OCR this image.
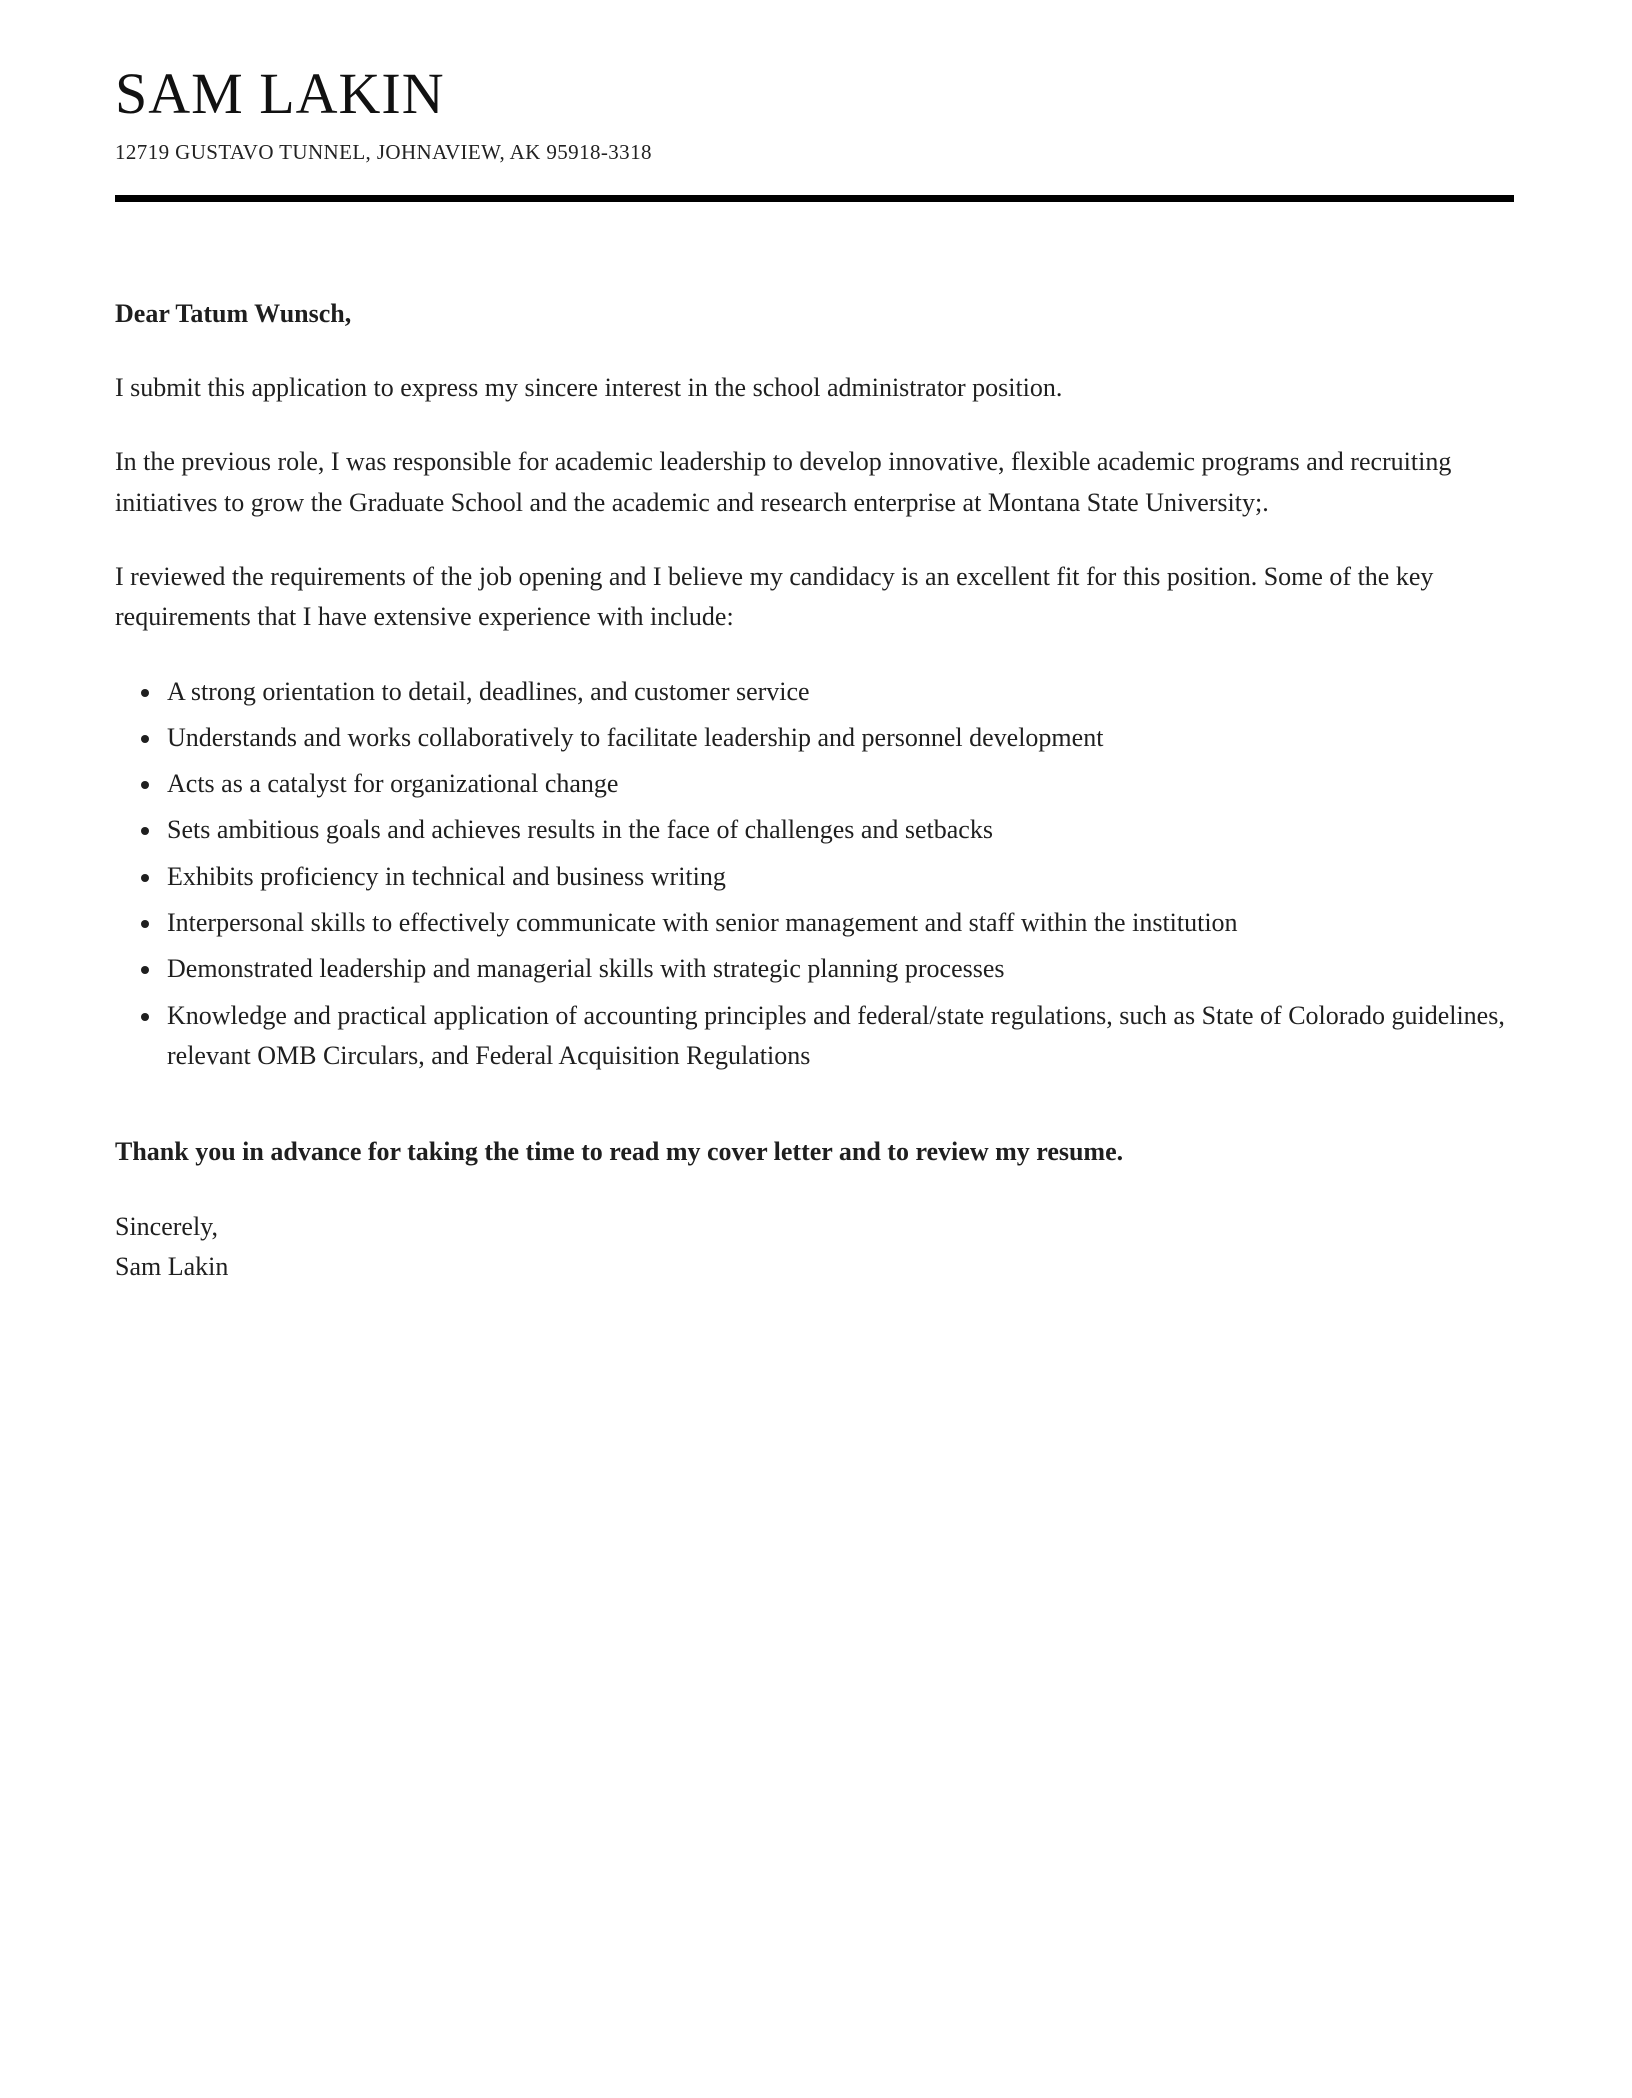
SAM LAKIN

12719 GUSTAVO TUNNEL, JOHNAVIEW, AK 95918-3318

Dear Tatum Wunsch,

I submit this application to express my sincere interest in the school administrator position.

In the previous role, I was responsible for academic leadership to develop innovative, flexible academic programs and recruiting initiatives to grow the Graduate School and the academic and research enterprise at Montana State University;.

I reviewed the requirements of the job opening and I believe my candidacy is an excellent fit for this position. Some of the key requirements that I have extensive experience with include:

• A strong orientation to detail, deadlines, and customer service
• Understands and works collaboratively to facilitate leadership and personnel development
• Acts as a catalyst for organizational change
• Sets ambitious goals and achieves results in the face of challenges and setbacks
• Exhibits proficiency in technical and business writing
• Interpersonal skills to effectively communicate with senior management and staff within the institution
• Demonstrated leadership and managerial skills with strategic planning processes
• Knowledge and practical application of accounting principles and federal/state regulations, such as State of Colorado guidelines, relevant OMB Circulars, and Federal Acquisition Regulations

Thank you in advance for taking the time to read my cover letter and to review my resume.

Sincerely,

Sam Lakin
